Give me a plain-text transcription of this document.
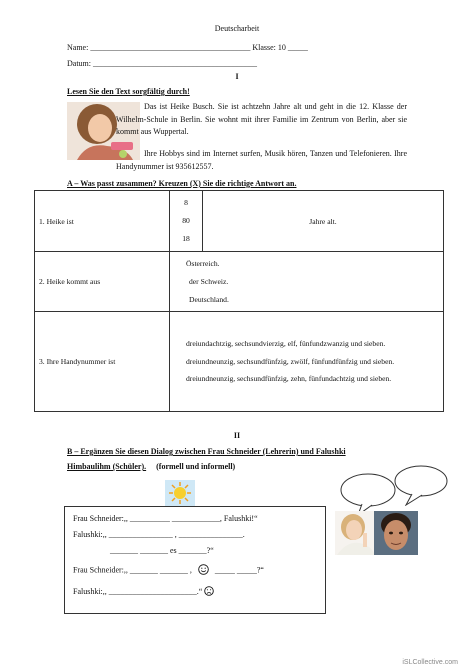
Deutscharbeit
Name: ________________________________________ Klasse: 10 _____
Datum: _________________________________________
I
Lesen Sie den Text sorgfältig durch!
Das ist Heike Busch. Sie ist achtzehn Jahre alt und geht in die 12. Klasse der Wilhelm-Schule in Berlin. Sie wohnt mit ihrer Familie im Zentrum von Berlin, aber sie kommt aus Wuppertal.
Ihre Hobbys sind im Internet surfen, Musik hören, Tanzen und Telefonieren. Ihre Handynummer ist 935612557.
A – Was passt zusammen? Kreuzen (X) Sie die richtige Antwort an.
1. Heike ist	8
80
18	Jahre alt.
2. Heike kommt aus	Österreich.
der Schweiz.
Deutschland.	

3. Ihre Handynummer ist	dreiundachtzig, sechsundvierzig, elf, fünfundzwanzig und sieben.
dreiundneunzig, sechsundfünfzig, zwölf, fünfundfünfzig und sieben.
dreiundneunzig, sechsundfünfzig, zehn, fünfundachtzig und sieben.	
II
B – Ergänzen Sie diesen Dialog zwischen Frau Schneider (Lehrerin) und Falushki
Himbaulihm (Schüler). (formell und informell)
Frau Schneider:,, __________ ____________, Falushki!“
Falushki:,, ________________ , ________________.
_______ _______ es _______?“
Frau Schneider:,, _______ _______ ,	_____ _____?“
Falushki:,, ______________________.“
iSLCollective.com
